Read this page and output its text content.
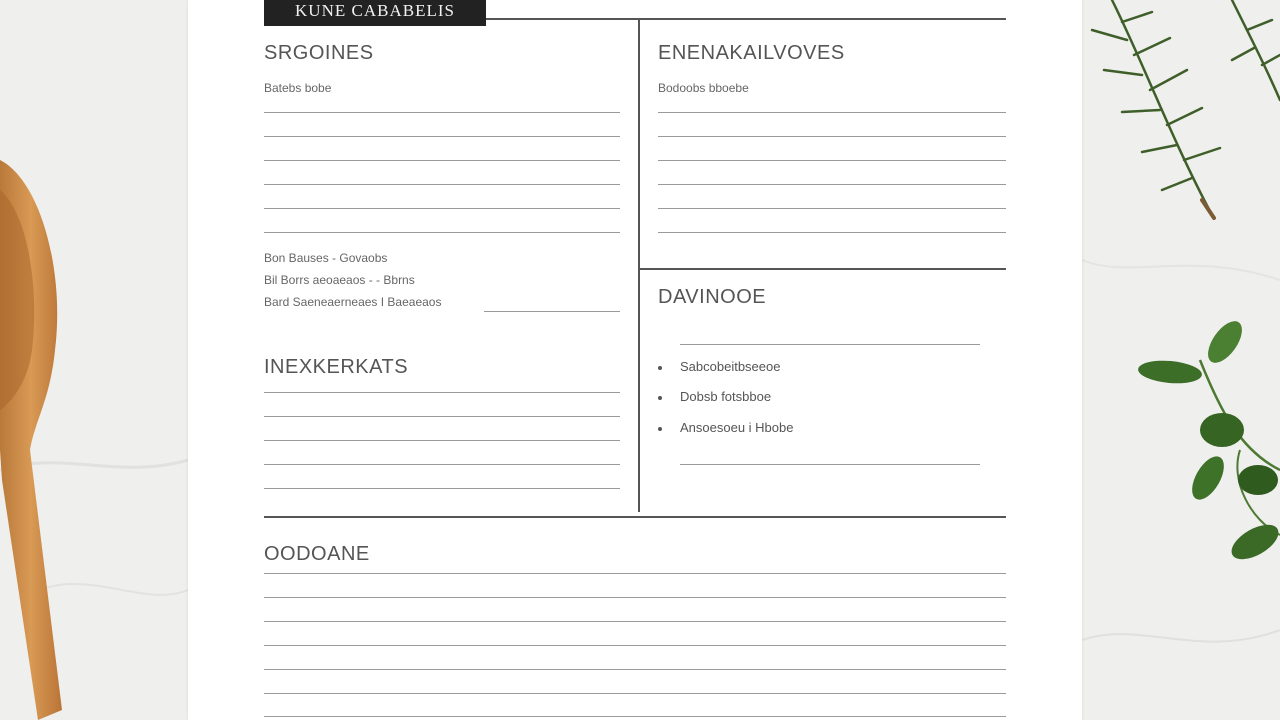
KUNE CABABELIS
SRGOINES
Batebs bobe
Bon Bauses - Govaobs
Bil Borrs aeoaeaos - - Bbrns
Bard Saeneaerneaes I Baeaeaos
INEXKERKATS
ENENAKAILVOVES
Bodoobs bboebe
DAVINOOE
Sabcobeitbseeoe
Dobsb fotsbboe
Ansoesoeu i Hbobe
OODOANE
